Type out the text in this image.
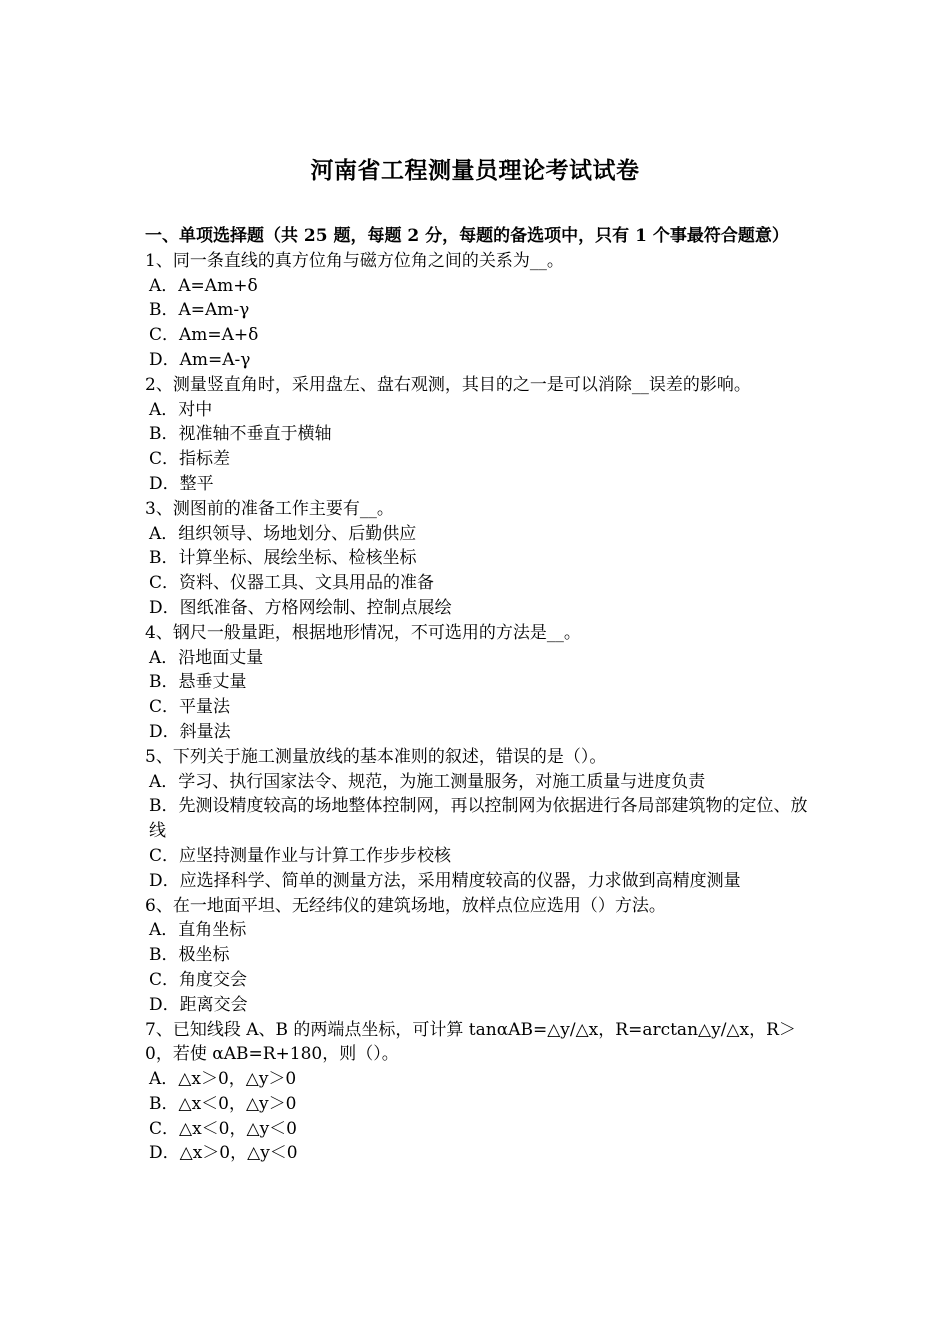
河南省工程测量员理论考试试卷

一、单项选择题（共 25 题，每题 2 分，每题的备选项中，只有 1 个事最符合题意）

1、同一条直线的真方位角与磁方位角之间的关系为__。

A．A=Am+δ
B．A=Am-γ
C．Am=A+δ
D．Am=A-γ

2、测量竖直角时，采用盘左、盘右观测，其目的之一是可以消除__误差的影响。

A．对中
B．视准轴不垂直于横轴
C．指标差
D．整平

3、测图前的准备工作主要有__。

A．组织领导、场地划分、后勤供应
B．计算坐标、展绘坐标、检核坐标
C．资料、仪器工具、文具用品的准备
D．图纸准备、方格网绘制、控制点展绘

4、钢尺一般量距，根据地形情况，不可选用的方法是__。

A．沿地面丈量
B．悬垂丈量
C．平量法
D．斜量法

5、下列关于施工测量放线的基本准则的叙述，错误的是（）。

A．学习、执行国家法令、规范，为施工测量服务，对施工质量与进度负责
B．先测设精度较高的场地整体控制网，再以控制网为依据进行各局部建筑物的定位、放线
C．应坚持测量作业与计算工作步步校核
D．应选择科学、简单的测量方法，采用精度较高的仪器，力求做到高精度测量

6、在一地面平坦、无经纬仪的建筑场地，放样点位应选用（）方法。

A．直角坐标
B．极坐标
C．角度交会
D．距离交会

7、已知线段 A、B 的两端点坐标，可计算 tanαAB=△y/△x，R=arctan△y/△x，R＞0，若使 αAB=R+180，则（）。

A．△x＞0，△y＞0
B．△x＜0，△y＞0
C．△x＜0，△y＜0
D．△x＞0，△y＜0
